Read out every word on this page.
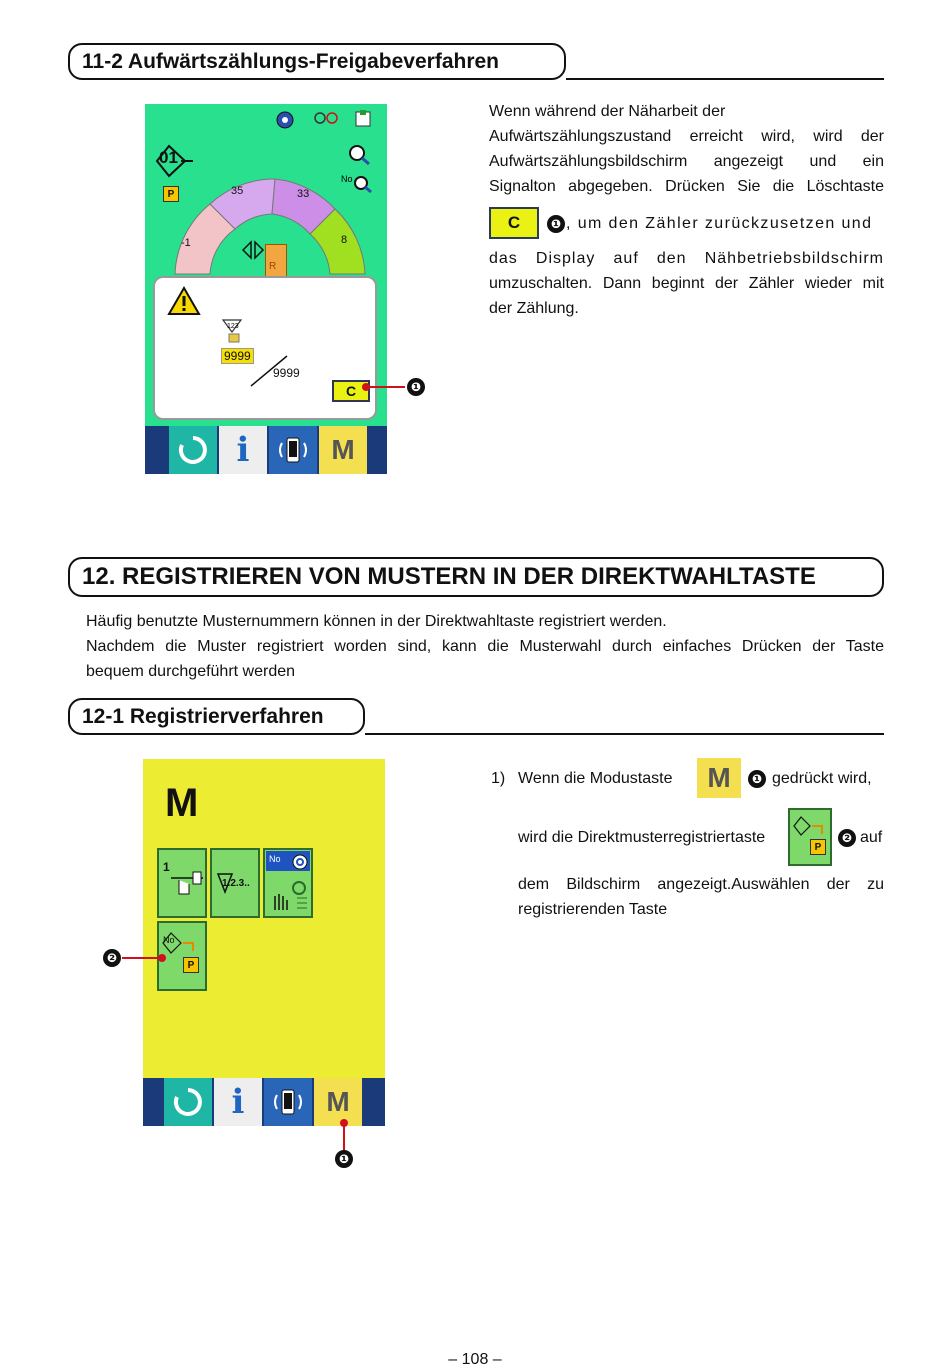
11-2 Aufwärtszählungs-Freigabeverfahren
No
01
P
-1
35	33
8
R
123
9999
9999
C
i	M
❶
Wenn während der Näharbeit der
Aufwärtszählungszustand erreicht wird, wird der
Aufwärtszählungsbildschirm angezeigt und ein
Signalton abgegeben. Drücken Sie die Löschtaste
C	❶ , um den Zähler zurückzusetzen und
das Display auf den Nähbetriebsbildschirm
umzuschalten. Dann beginnt der Zähler wieder mit
der Zählung.
12. REGISTRIEREN VON MUSTERN IN DER DIREKTWAHLTASTE
Häufig benutzte Musternummern können in der Direktwahltaste registriert werden.
Nachdem die Muster registriert worden sind, kann die Musterwahl durch einfaches Drücken der Taste
bequem durchgeführt werden
12-1 Registrierverfahren
M
1
1.2.3..
No
No
P
i	M
❷
❶
1) Wenn die Modustaste M	❶ gedrückt wird,
wird die Direktmusterregistriertaste
P
❷ auf
dem Bildschirm angezeigt.Auswählen der zu
registrierenden Taste
– 108 –
